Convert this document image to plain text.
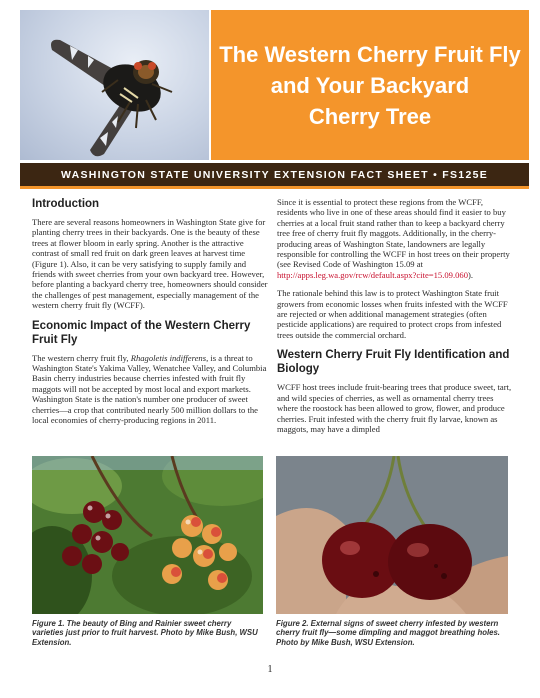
The Western Cherry Fruit Fly
and Your Backyard
Cherry Tree
WASHINGTON STATE UNIVERSITY EXTENSION FACT SHEET • FS125E
Introduction

There are several reasons homeowners in Washington State give for planting cherry trees in their backyards. One is the beauty of these trees at flower bloom in early spring. Another is the attractive contrast of small red fruit on dark green leaves at harvest time (Figure 1). Also, it can be very satisfying to supply family and friends with sweet cherries from your own backyard tree. However, before planting a backyard cherry tree, homeowners should consider the challenges of pest management, especially management of the western cherry fruit fly (WCFF).

Economic Impact of the Western Cherry Fruit Fly

The western cherry fruit fly, Rhagoletis indifferens, is a threat to Washington State's Yakima Valley, Wenatchee Valley, and Columbia Basin cherry industries because cherries infested with fruit fly maggots will not be accepted by most local and export markets. Washington State is the nation's number one producer of sweet cherries—a crop that contributed nearly 500 million dollars to the local economies of cherry-producing regions in 2011.

Since it is essential to protect these regions from the WCFF, residents who live in one of these areas should find it easier to buy cherries at a local fruit stand rather than to keep a backyard cherry tree free of cherry fruit fly maggots. Additionally, in the cherry-producing areas of Washington State, landowners are legally responsible for controlling the WCFF in host trees on their property (see Revised Code of Washington 15.09 at http://apps.leg.wa.gov/rcw/default.aspx?cite=15.09.060).

The rationale behind this law is to protect Washington State fruit growers from economic losses when fruits infested with the WCFF are rejected or when additional management strategies (often pesticide applications) are required to protect crops from infested trees outside the commercial orchard.

Western Cherry Fruit Fly Identification and Biology

WCFF host trees include fruit-bearing trees that produce sweet, tart, and wild species of cherries, as well as ornamental cherry trees where the roostock has been allowed to grow, flower, and produce cherries. Fruit infested with the cherry fruit fly larvae, known as maggots, may have a dimpled

Figure 1. The beauty of Bing and Rainier sweet cherry varieties just prior to fruit harvest. Photo by Mike Bush, WSU Extension.
Figure 2. External signs of sweet cherry infested by western cherry fruit fly—some dimpling and maggot breathing holes. Photo by Mike Bush, WSU Extension.
1
